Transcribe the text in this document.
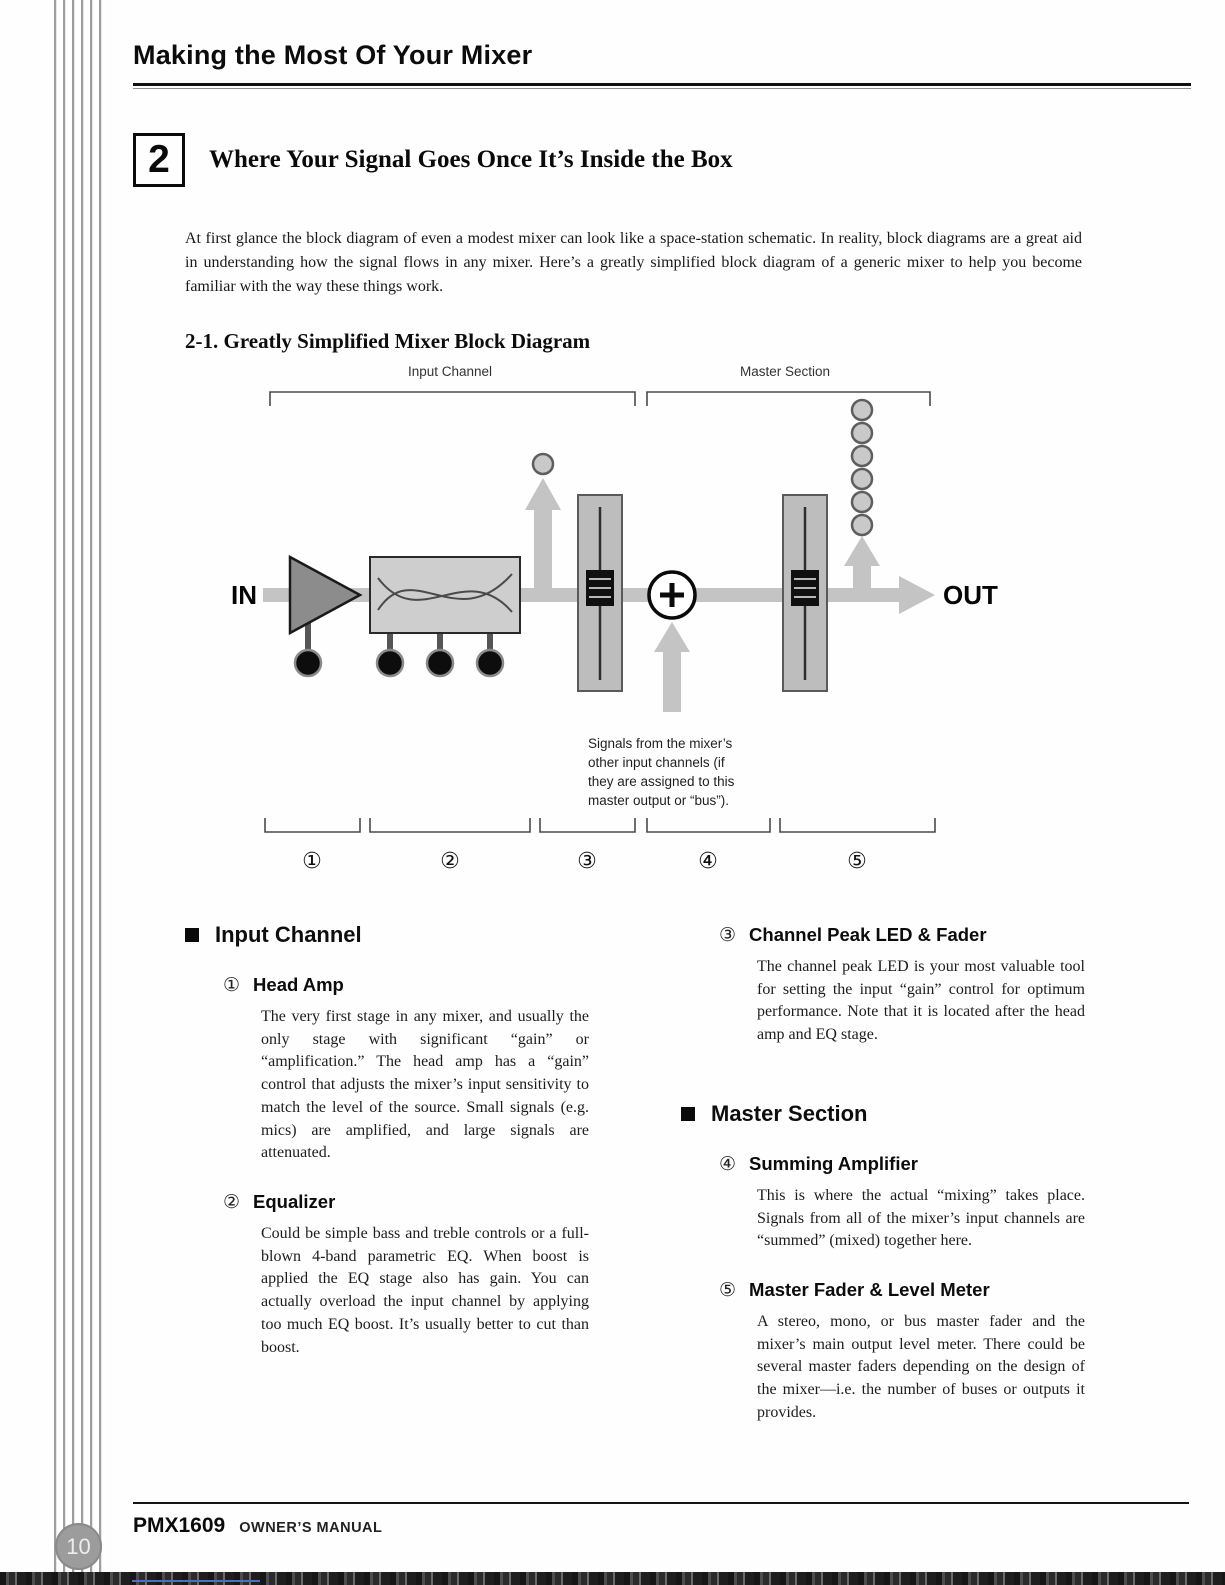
Making the Most Of Your Mixer
2 Where Your Signal Goes Once It’s Inside the Box

At first glance the block diagram of even a modest mixer can look like a space-station schematic. In reality, block diagrams are a great aid in understanding how the signal flows in any mixer. Here’s a greatly simplified block diagram of a generic mixer to help you become familiar with the way these things work.

2-1. Greatly Simplified Mixer Block Diagram
Input Channel	Master Section
IN	OUT
Signals from the mixer’s
other input channels (if
they are assigned to this
master output or “bus”).
①	②	③	④	⑤
Input Channel
① Head Amp

The very first stage in any mixer, and usually the only stage with significant “gain” or “amplification.” The head amp has a “gain” control that adjusts the mixer’s input sensitivity to match the level of the source. Small signals (e.g. mics) are amplified, and large signals are attenuated.

② Equalizer

Could be simple bass and treble controls or a full-blown 4-band parametric EQ. When boost is applied the EQ stage also has gain. You can actually overload the input channel by applying too much EQ boost. It’s usually better to cut than boost.

③ Channel Peak LED & Fader

The channel peak LED is your most valuable tool for setting the input “gain” control for optimum performance. Note that it is located after the head amp and EQ stage.

Master Section
④ Summing Amplifier

This is where the actual “mixing” takes place. Signals from all of the mixer’s input channels are “summed” (mixed) together here.

⑤ Master Fader & Level Meter

A stereo, mono, or bus master fader and the mixer’s main output level meter. There could be several master faders depending on the design of the mixer—i.e. the number of buses or outputs it provides.

PMX1609 OWNER’S MANUAL
10
